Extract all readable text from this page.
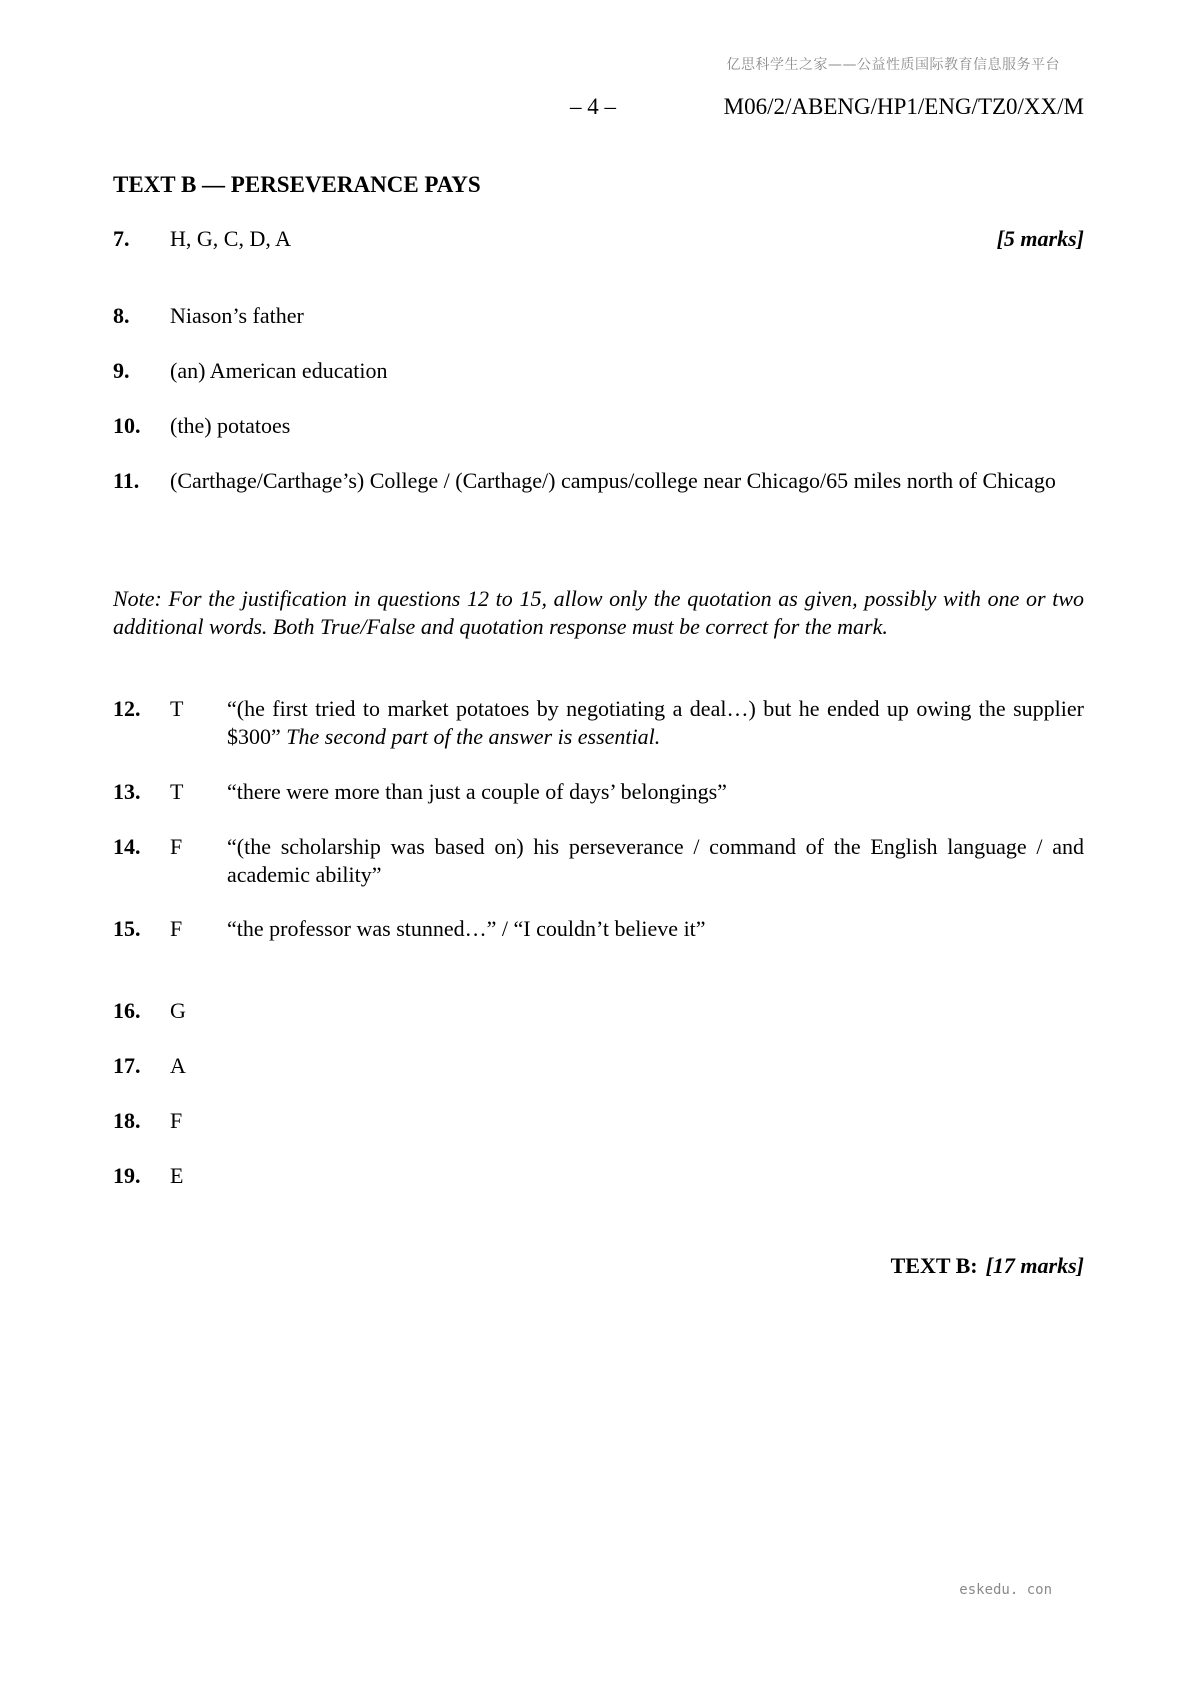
亿思科学生之家——公益性质国际教育信息服务平台
– 4 –	M06/2/ABENG/HP1/ENG/TZ0/XX/M
TEXT B — PERSEVERANCE PAYS
7. H, G, C, D, A	[5 marks]
8. Niason’s father
9. (an) American education
10. (the) potatoes
11. (Carthage/Carthage’s) College / (Carthage/) campus/college near Chicago/65 miles north of Chicago
Note: For the justification in questions 12 to 15, allow only the quotation as given, possibly with one or two additional words. Both True/False and quotation response must be correct for the mark.
12. T “(he first tried to market potatoes by negotiating a deal…) but he ended up owing the supplier $300” The second part of the answer is essential.
13. T “there were more than just a couple of days’ belongings”
14. F “(the scholarship was based on) his perseverance / command of the English language / and academic ability”
15. F “the professor was stunned…” / “I couldn’t believe it”
16. G
17. A
18. F
19. E
TEXT B: [17 marks]
eskedu. con
